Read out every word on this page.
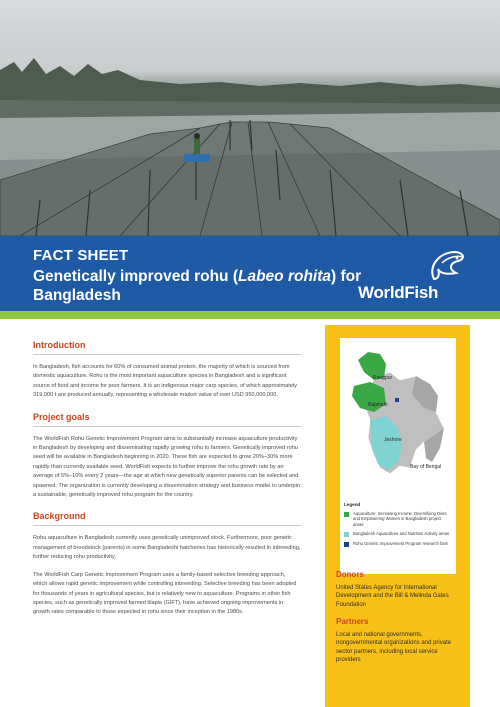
FACT SHEET
Genetically improved rohu (Labeo rohita) for Bangladesh	WorldFish
Introduction

In Bangladesh, fish accounts for 60% of consumed animal protein, the majority of which is sourced from domestic aquaculture. Rohu is the most important aquaculture species in Bangladesh and a significant source of food and income for poor farmers. It is an indigenous major carp species, of which approximately 319,000 t are produced annually, representing a wholesale market value of over USD 950,000,000.

Project goals

The WorldFish Rohu Genetic Improvement Program aims to substantially increase aquaculture productivity in Bangladesh by developing and disseminating rapidly growing rohu to farmers. Genetically improved rohu seed will be available in Bangladesh beginning in 2020. These fish are expected to grow 20%–30% more rapidly than currently available seed. WorldFish expects to further improve the rohu growth rate by an average of 5%–10% every 2 years—the age at which new genetically superior parents can be selected and spawned. The organization is currently developing a dissemination strategy and business model to underpin a sustainable, genetically improved rohu program for the country.

Background

Rohu aquaculture in Bangladesh currently uses genetically unimproved stock. Furthermore, poor genetic management of broodstock (parents) in some Bangladeshi hatcheries has historically resulted in inbreeding, further reducing rohu productivity.

The WorldFish Carp Genetic Improvement Program uses a family-based selective breeding approach, which allows rapid genetic improvement while controlling inbreeding. Selective breeding has been adopted for thousands of years in agricultural species, but is relatively new to aquaculture. Programs in other fish species, such as genetically improved farmed tilapia (GIFT), have achieved ongoing improvements in growth rates comparable to those expected in rohu since their inception in the 1980s.

Rangpur
Rajshahi
Jeshore
Bay of Bengal
Legend
Aquaculture: Increasing Income, Diversifying Diets and Empowering Women in Bangladesh project areas
Bangladesh Aquaculture and Nutrition Activity areas
Rohu Genetic Improvement Program research farm
Donors
United States Agency for International Development and the Bill & Melinda Gates Foundation
Partners
Local and national governments, nongovernmental organizations and private sector partners, including local service providers
